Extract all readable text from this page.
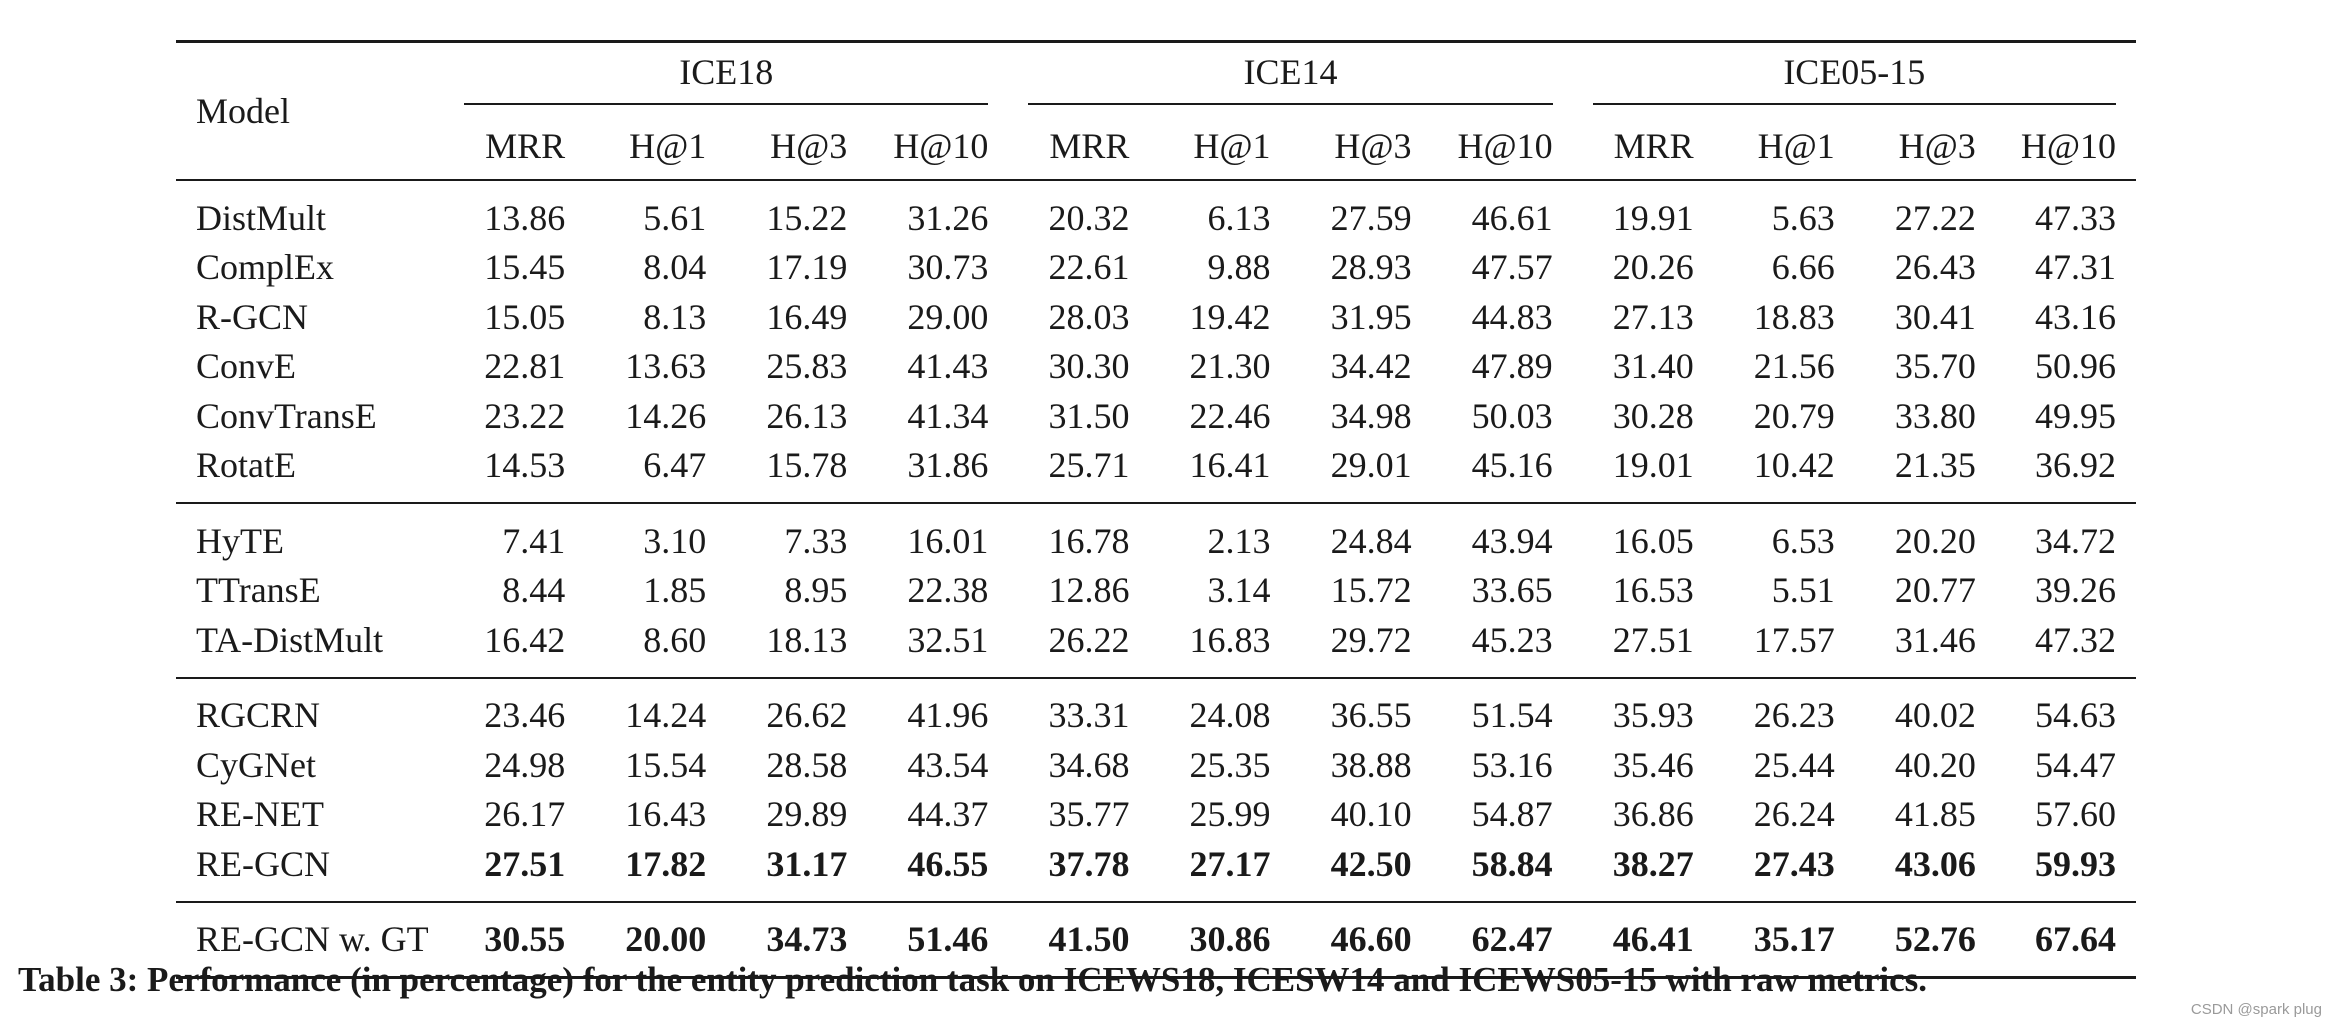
Model	ICE18				ICE14				ICE05-15			

	MRR	H@1	H@3	H@10	MRR	H@1	H@3	H@10	MRR	H@1	H@3	H@10
DistMult	13.86	5.61	15.22	31.26	20.32	6.13	27.59	46.61	19.91	5.63	27.22	47.33
ComplEx	15.45	8.04	17.19	30.73	22.61	9.88	28.93	47.57	20.26	6.66	26.43	47.31
R-GCN	15.05	8.13	16.49	29.00	28.03	19.42	31.95	44.83	27.13	18.83	30.41	43.16
ConvE	22.81	13.63	25.83	41.43	30.30	21.30	34.42	47.89	31.40	21.56	35.70	50.96
ConvTransE	23.22	14.26	26.13	41.34	31.50	22.46	34.98	50.03	30.28	20.79	33.80	49.95
RotatE	14.53	6.47	15.78	31.86	25.71	16.41	29.01	45.16	19.01	10.42	21.35	36.92
HyTE	7.41	3.10	7.33	16.01	16.78	2.13	24.84	43.94	16.05	6.53	20.20	34.72
TTransE	8.44	1.85	8.95	22.38	12.86	3.14	15.72	33.65	16.53	5.51	20.77	39.26
TA-DistMult	16.42	8.60	18.13	32.51	26.22	16.83	29.72	45.23	27.51	17.57	31.46	47.32
RGCRN	23.46	14.24	26.62	41.96	33.31	24.08	36.55	51.54	35.93	26.23	40.02	54.63
CyGNet	24.98	15.54	28.58	43.54	34.68	25.35	38.88	53.16	35.46	25.44	40.20	54.47
RE-NET	26.17	16.43	29.89	44.37	35.77	25.99	40.10	54.87	36.86	26.24	41.85	57.60
RE-GCN	27.51	17.82	31.17	46.55	37.78	27.17	42.50	58.84	38.27	27.43	43.06	59.93
RE-GCN w. GT	30.55	20.00	34.73	51.46	41.50	30.86	46.60	62.47	46.41	35.17	52.76	67.64
Table 3: Performance (in percentage) for the entity prediction task on ICEWS18, ICESW14 and ICEWS05-15 with raw metrics.
CSDN @spark plug
